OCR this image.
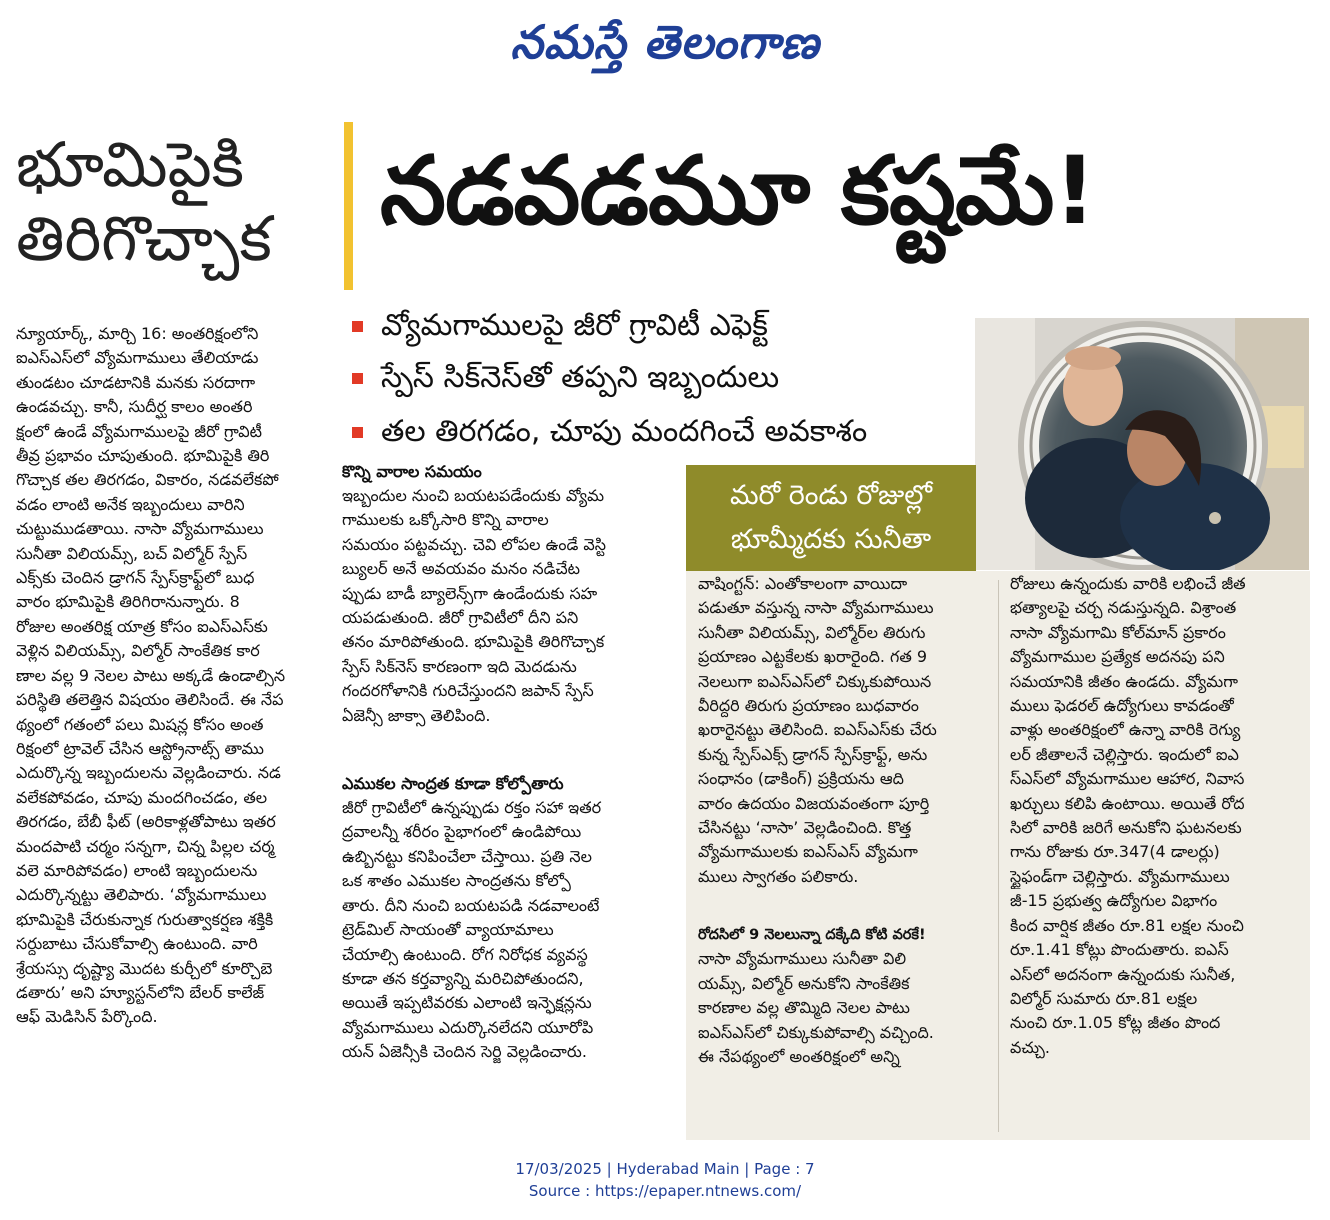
నమస్తే తెలంగాణ
భూమిపైకి
తిరిగొచ్చాక	నడవడమూ కష్టమే!
వ్యోమగాములపై జీరో గ్రావిటీ ఎఫెక్ట్
స్పేస్ సిక్‌నెస్‌తో తప్పని ఇబ్బందులు
తల తిరగడం, చూపు మందగించే అవకాశం
మరో రెండు రోజుల్లో
భూమ్మీదకు సునీతా
న్యూయార్క్, మార్చి 16: అంతరిక్షంలోని
ఐఎస్‌ఎస్‌లో వ్యోమగాములు తేలియాడు
తుండటం చూడటానికి మనకు సరదాగా
ఉండవచ్చు. కానీ, సుదీర్ఘ కాలం అంతరి
క్షంలో ఉండే వ్యోమగాములపై జీరో గ్రావిటీ
తీవ్ర ప్రభావం చూపుతుంది. భూమిపైకి తిరి
గొచ్చాక తల తిరగడం, వికారం, నడవలేకపో
వడం లాంటి అనేక ఇబ్బందులు వారిని
చుట్టుముడతాయి. నాసా వ్యోమగాములు
సునీతా విలియమ్స్, బచ్ విల్మోర్ స్పేస్
ఎక్స్‌కు చెందిన డ్రాగన్ స్పేస్‌క్రాఫ్ట్‌లో బుధ
వారం భూమిపైకి తిరిగిరానున్నారు. 8
రోజుల అంతరిక్ష యాత్ర కోసం ఐఎస్‌ఎస్‌కు
వెళ్లిన విలియమ్స్, విల్మోర్ సాంకేతిక కార
ణాల వల్ల 9 నెలల పాటు అక్కడే ఉండాల్సిన
పరిస్థితి తలెత్తిన విషయం తెలిసిందే. ఈ నేప
థ్యంలో గతంలో పలు మిషన్ల కోసం అంత
రిక్షంలో ట్రావెల్ చేసిన ఆస్ట్రోనాట్స్ తాము
ఎదుర్కొన్న ఇబ్బందులను వెల్లడించారు. నడ
వలేకపోవడం, చూపు మందగించడం, తల
తిరగడం, బేబీ ఫీట్ (అరికాళ్లతోపాటు ఇతర
మందపాటి చర్మం సన్నగా, చిన్న పిల్లల చర్మ
వలె మారిపోవడం) లాంటి ఇబ్బందులను
ఎదుర్కొన్నట్టు తెలిపారు. ‘వ్యోమగాములు
భూమిపైకి చేరుకున్నాక గురుత్వాకర్షణ శక్తికి
సర్దుబాటు చేసుకోవాల్సి ఉంటుంది. వారి
శ్రేయస్సు దృష్ట్యా మొదట కుర్చీలో కూర్చొబె
డతారు’ అని హ్యూస్టన్‌లోని బేలర్ కాలేజ్
ఆఫ్ మెడిసిన్ పేర్కొంది.
కొన్ని వారాల సమయం
ఇబ్బందుల నుంచి బయటపడేందుకు వ్యోమ
గాములకు ఒక్కోసారి కొన్ని వారాల
సమయం పట్టవచ్చు. చెవి లోపల ఉండే వెస్టి
బ్యులర్ అనే అవయవం మనం నడిచేట
ప్పుడు బాడీ బ్యాలెన్స్‌గా ఉండేందుకు సహ
యపడుతుంది. జీరో గ్రావిటీలో దీని పని
తనం మారిపోతుంది. భూమిపైకి తిరిగొచ్చాక
స్పేస్ సిక్‌నెస్ కారణంగా ఇది మెదడును
గందరగోళానికి గురిచేస్తుందని జపాన్ స్పేస్
ఏజెన్సీ జాక్సా తెలిపింది.
ఎముకల సాంద్రత కూడా కోల్పోతారు
జీరో గ్రావిటీలో ఉన్నప్పుడు రక్తం సహా ఇతర
ద్రవాలన్నీ శరీరం పైభాగంలో ఉండిపోయి
ఉబ్బినట్టు కనిపించేలా చేస్తాయి. ప్రతి నెల
ఒక శాతం ఎముకల సాంద్రతను కోల్పో
తారు. దీని నుంచి బయటపడి నడవాలంటే
ట్రెడ్‌మిల్ సాయంతో వ్యాయామాలు
చేయాల్సి ఉంటుంది. రోగ నిరోధక వ్యవస్థ
కూడా తన కర్తవ్యాన్ని మరిచిపోతుందని,
అయితే ఇప్పటివరకు ఎలాంటి ఇన్ఫెక్షన్లను
వ్యోమగాములు ఎదుర్కొనలేదని యూరోపి
యన్ ఏజెన్సీకి చెందిన సెర్జి వెల్లడించారు.
వాషింగ్టన్: ఎంతోకాలంగా వాయిదా
పడుతూ వస్తున్న నాసా వ్యోమగాములు
సునీతా విలియమ్స్, విల్మోర్‌ల తిరుగు
ప్రయాణం ఎట్టకేలకు ఖరారైంది. గత 9
నెలలుగా ఐఎస్‌ఎస్‌లో చిక్కుకుపోయిన
వీరిద్దరి తిరుగు ప్రయాణం బుధవారం
ఖరారైనట్టు తెలిసింది. ఐఎస్‌ఎస్‌కు చేరు
కున్న స్పేస్‌ఎక్స్ డ్రాగన్ స్పేస్‌క్రాఫ్ట్, అను
సంధానం (డాకింగ్) ప్రక్రియను ఆది
వారం ఉదయం విజయవంతంగా పూర్తి
చేసినట్టు ‘నాసా’ వెల్లడించింది. కొత్త
వ్యోమగాములకు ఐఎస్‌ఎస్ వ్యోమగా
ములు స్వాగతం పలికారు.
రోదసిలో 9 నెలలున్నా దక్కేది కోటి వరకే!
నాసా వ్యోమగాములు సునీతా విలి
యమ్స్, విల్మోర్ అనుకోని సాంకేతిక
కారణాల వల్ల తొమ్మిది నెలల పాటు
ఐఎస్‌ఎస్‌లో చిక్కుకుపోవాల్సి వచ్చింది.
ఈ నేపథ్యంలో అంతరిక్షంలో అన్ని
రోజులు ఉన్నందుకు వారికి లభించే జీత
భత్యాలపై చర్చ నడుస్తున్నది. విశ్రాంత
నాసా వ్యోమగామి కోల్‌మాన్ ప్రకారం
వ్యోమగాముల ప్రత్యేక అదనపు పని
సమయానికి జీతం ఉండదు. వ్యోమగా
ములు ఫెడరల్ ఉద్యోగులు కావడంతో
వాళ్లు అంతరిక్షంలో ఉన్నా వారికి రెగ్యు
లర్ జీతాలనే చెల్లిస్తారు. ఇందులో ఐఎ
స్‌ఎస్‌లో వ్యోమగాముల ఆహార, నివాస
ఖర్చులు కలిపి ఉంటాయి. అయితే రోద
సిలో వారికి జరిగే అనుకోని ఘటనలకు
గాను రోజుకు రూ.347(4 డాలర్లు)
స్టైఫండ్‌గా చెల్లిస్తారు. వ్యోమగాములు
జీ-15 ప్రభుత్వ ఉద్యోగుల విభాగం
కింద వార్షిక జీతం రూ.81 లక్షల నుంచి
రూ.1.41 కోట్లు పొందుతారు. ఐఎస్
ఎస్‌లో అదనంగా ఉన్నందుకు సునీత,
విల్మోర్ సుమారు రూ.81 లక్షల
నుంచి రూ.1.05 కోట్ల జీతం పొంద
వచ్చు.
17/03/2025 | Hyderabad Main | Page : 7
Source : https://epaper.ntnews.com/
